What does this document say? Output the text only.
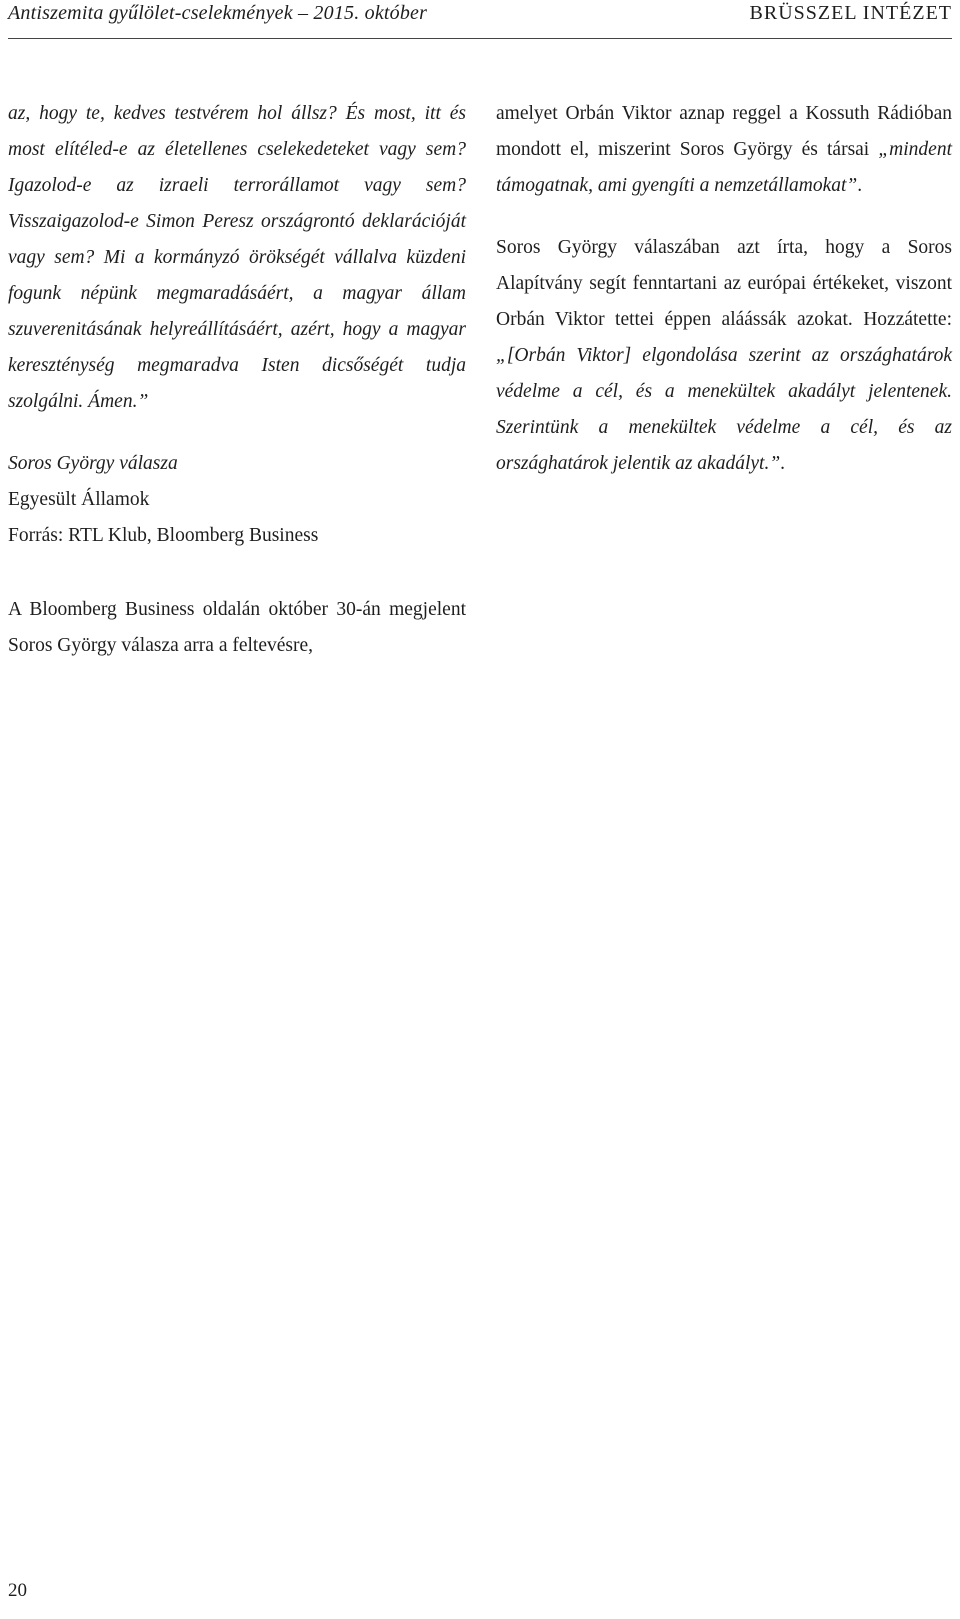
Antiszemita gyűlölet-cselekmények – 2015. október	BRÜSSZEL INTÉZET

az, hogy te, kedves testvérem hol állsz? És most, itt és most elítéled-e az életellenes cselekedeteket vagy sem? Igazolod-e az izraeli terrorállamot vagy sem? Visszaigazolod-e Simon Peresz országrontó deklarációját vagy sem? Mi a kormányzó örökségét vállalva küzdeni fogunk népünk megmaradásáért, a magyar állam szuverenitásának helyreállításáért, azért, hogy a magyar kereszténység megmaradva Isten dicsőségét tudja szolgálni. Ámen.”

Soros György válasza
Egyesült Államok
Forrás: RTL Klub, Bloomberg Business
A Bloomberg Business oldalán október 30-án megjelent Soros György válasza arra a feltevésre,

amelyet Orbán Viktor aznap reggel a Kossuth Rádióban mondott el, miszerint Soros György és társai „mindent támogatnak, ami gyengíti a nemzetállamokat”.

Soros György válaszában azt írta, hogy a Soros Alapítvány segít fenntartani az európai értékeket, viszont Orbán Viktor tettei éppen aláássák azokat. Hozzátette: „[Orbán Viktor] elgondolása szerint az országhatárok védelme a cél, és a menekültek akadályt jelentenek. Szerintünk a menekültek védelme a cél, és az országhatárok jelentik az akadályt.”.

20
